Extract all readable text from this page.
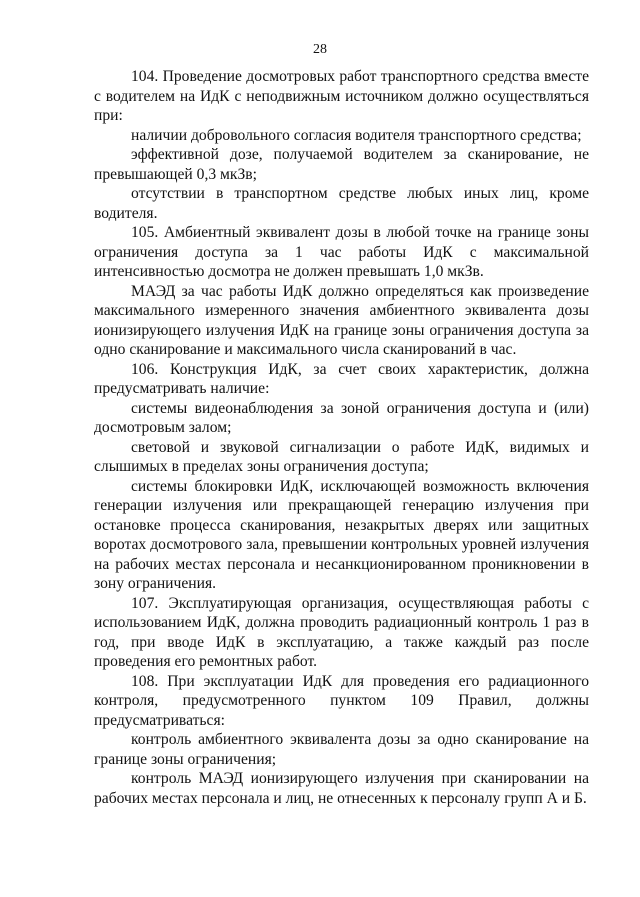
28

104. Проведение досмотровых работ транспортного средства вместе с водителем на ИдК с неподвижным источником должно осуществляться при:

наличии добровольного согласия водителя транспортного средства;

эффективной дозе, получаемой водителем за сканирование, не превышающей 0,3 мкЗв;

отсутствии в транспортном средстве любых иных лиц, кроме водителя.

105. Амбиентный эквивалент дозы в любой точке на границе зоны ограничения доступа за 1 час работы ИдК с максимальной интенсивностью досмотра не должен превышать 1,0 мкЗв.

МАЭД за час работы ИдК должно определяться как произведение максимального измеренного значения амбиентного эквивалента дозы ионизирующего излучения ИдК на границе зоны ограничения доступа за одно сканирование и максимального числа сканирований в час.

106. Конструкция ИдК, за счет своих характеристик, должна предусматривать наличие:

системы видеонаблюдения за зоной ограничения доступа и (или) досмотровым залом;

световой и звуковой сигнализации о работе ИдК, видимых и слышимых в пределах зоны ограничения доступа;

системы блокировки ИдК, исключающей возможность включения генерации излучения или прекращающей генерацию излучения при остановке процесса сканирования, незакрытых дверях или защитных воротах досмотрового зала, превышении контрольных уровней излучения на рабочих местах персонала и несанкционированном проникновении в зону ограничения.

107. Эксплуатирующая организация, осуществляющая работы с использованием ИдК, должна проводить радиационный контроль 1 раз в год, при вводе ИдК в эксплуатацию, а также каждый раз после проведения его ремонтных работ.

108. При эксплуатации ИдК для проведения его радиационного контроля, предусмотренного пунктом 109 Правил, должны предусматриваться:

контроль амбиентного эквивалента дозы за одно сканирование на границе зоны ограничения;

контроль МАЭД ионизирующего излучения при сканировании на рабочих местах персонала и лиц, не отнесенных к персоналу групп А и Б.
